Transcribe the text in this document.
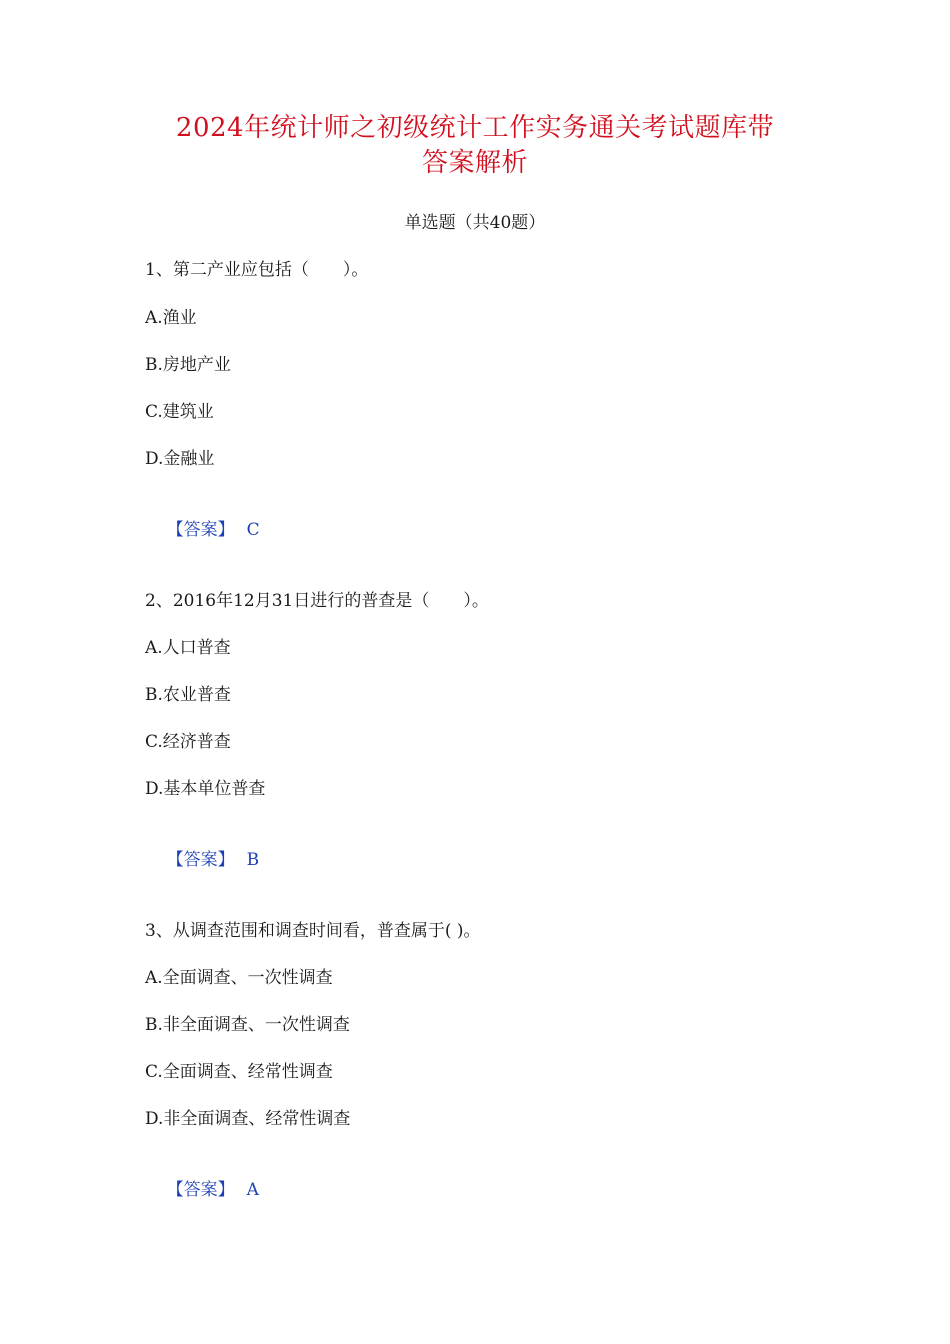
2024年统计师之初级统计工作实务通关考试题库带
答案解析
单选题（共40题）
1、第二产业应包括（　　）。
A.渔业
B.房地产业
C.建筑业
D.金融业

【答案】 C

2、2016年12月31日进行的普查是（　　）。
A.人口普查
B.农业普查
C.经济普查
D.基本单位普查

【答案】 B

3、从调查范围和调查时间看，普查属于( )。
A.全面调查、一次性调查
B.非全面调查、一次性调查
C.全面调查、经常性调查
D.非全面调查、经常性调查

【答案】 A
